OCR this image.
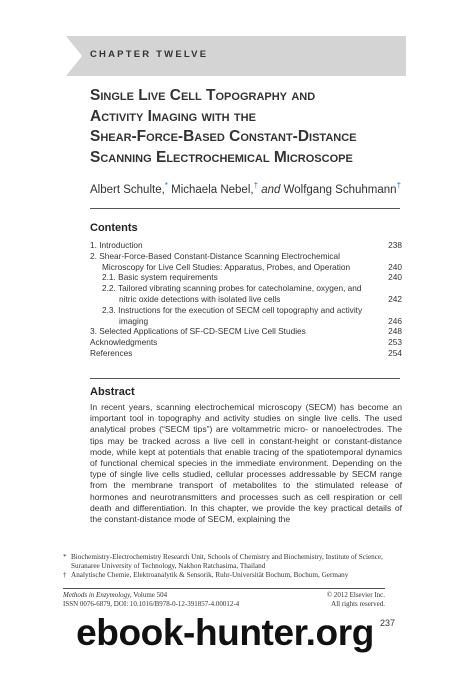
CHAPTER TWELVE
Single Live Cell Topography and
Activity Imaging with the
Shear-Force-Based Constant-Distance
Scanning Electrochemical Microscope
Albert Schulte,* Michaela Nebel,† and Wolfgang Schuhmann†
Contents
1. Introduction	238
2. Shear-Force-Based Constant-Distance Scanning Electrochemical Microscopy for Live Cell Studies: Apparatus, Probes, and Operation	240
2.1. Basic system requirements	240
2.2. Tailored vibrating scanning probes for catecholamine, oxygen, and nitric oxide detections with isolated live cells	242
2.3. Instructions for the execution of SECM cell topography and activity imaging	246
3. Selected Applications of SF-CD-SECM Live Cell Studies	248
Acknowledgments	253
References	254
Abstract
In recent years, scanning electrochemical microscopy (SECM) has become an important tool in topography and activity studies on single live cells. The used analytical probes (“SECM tips”) are voltammetric micro- or nanoelectrodes. The tips may be tracked across a live cell in constant-height or constant-distance mode, while kept at potentials that enable tracing of the spatiotemporal dynamics of functional chemical species in the immediate environment. Depending on the type of single live cells studied, cellular processes addressable by SECM range from the membrane transport of metabolites to the stimulated release of hormones and neurotransmitters and processes such as cell respiration or cell death and differentiation. In this chapter, we provide the key practical details of the constant-distance mode of SECM, explaining the
* Biochemistry-Electrochemistry Research Unit, Schools of Chemistry and Biochemistry, Institute of Science, Suranaree University of Technology, Nakhon Ratchasima, Thailand
† Analytische Chemie, Elektroanalytik & Sensorik, Ruhr-Universität Bochum, Bochum, Germany
Methods in Enzymology, Volume 504	© 2012 Elsevier Inc.
ISSN 0076-6879, DOI: 10.1016/B978-0-12-391857-4.00012-4	All rights reserved.
237
ebook-hunter.org
